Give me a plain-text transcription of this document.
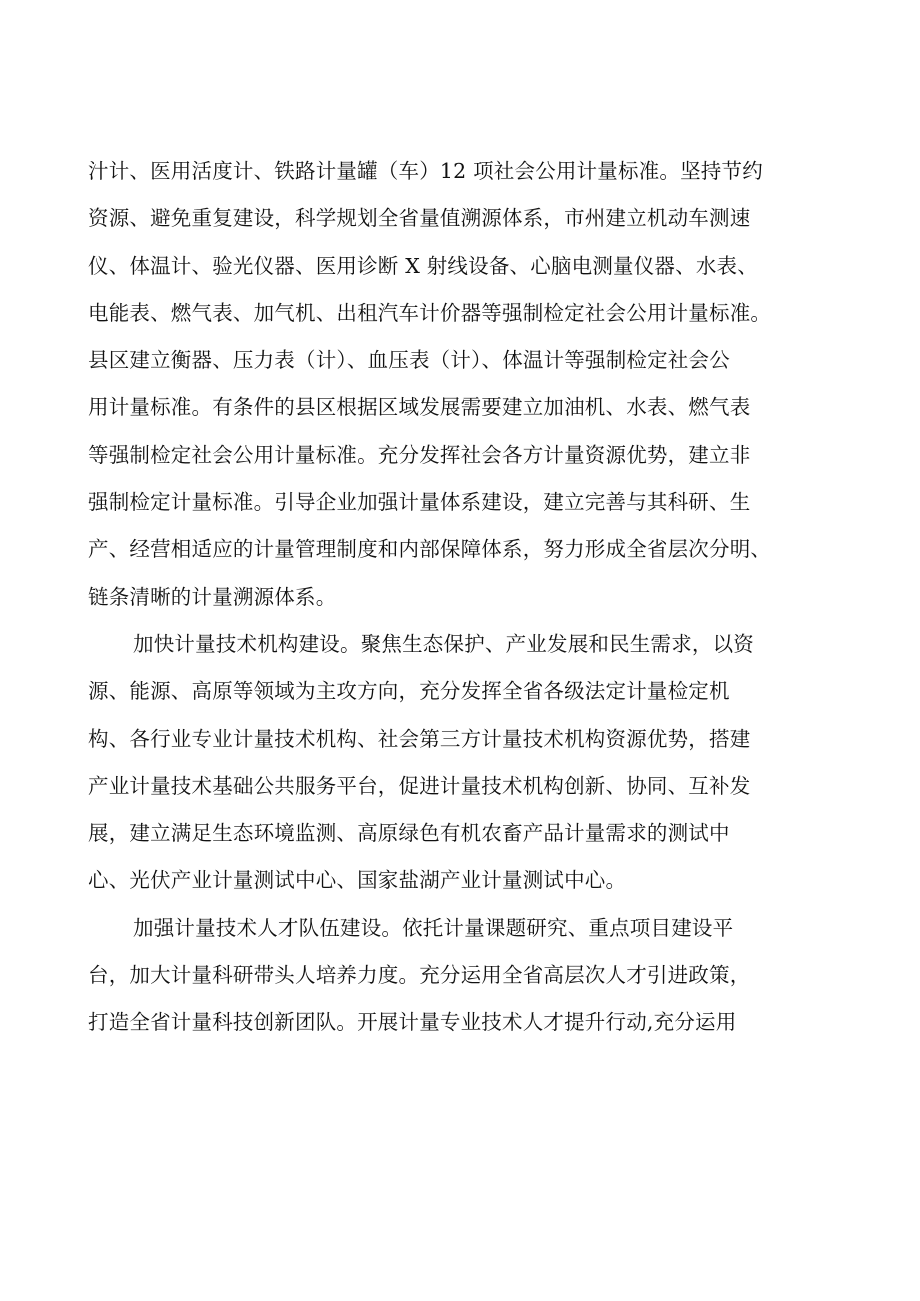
汁计、医用活度计、铁路计量罐（车）12 项社会公用计量标准。坚持节约
资源、避免重复建设，科学规划全省量值溯源体系，市州建立机动车测速
仪、体温计、验光仪器、医用诊断 X 射线设备、心脑电测量仪器、水表、
电能表、燃气表、加气机、出租汽车计价器等强制检定社会公用计量标准。
县区建立衡器、压力表（计）、血压表（计）、体温计等强制检定社会公
用计量标准。有条件的县区根据区域发展需要建立加油机、水表、燃气表
等强制检定社会公用计量标准。充分发挥社会各方计量资源优势，建立非
强制检定计量标准。引导企业加强计量体系建设，建立完善与其科研、生
产、经营相适应的计量管理制度和内部保障体系，努力形成全省层次分明、
链条清晰的计量溯源体系。
加快计量技术机构建设。聚焦生态保护、产业发展和民生需求，以资
源、能源、高原等领域为主攻方向，充分发挥全省各级法定计量检定机
构、各行业专业计量技术机构、社会第三方计量技术机构资源优势，搭建
产业计量技术基础公共服务平台，促进计量技术机构创新、协同、互补发
展，建立满足生态环境监测、高原绿色有机农畜产品计量需求的测试中
心、光伏产业计量测试中心、国家盐湖产业计量测试中心。
加强计量技术人才队伍建设。依托计量课题研究、重点项目建设平
台，加大计量科研带头人培养力度。充分运用全省高层次人才引进政策，
打造全省计量科技创新团队。开展计量专业技术人才提升行动,充分运用
